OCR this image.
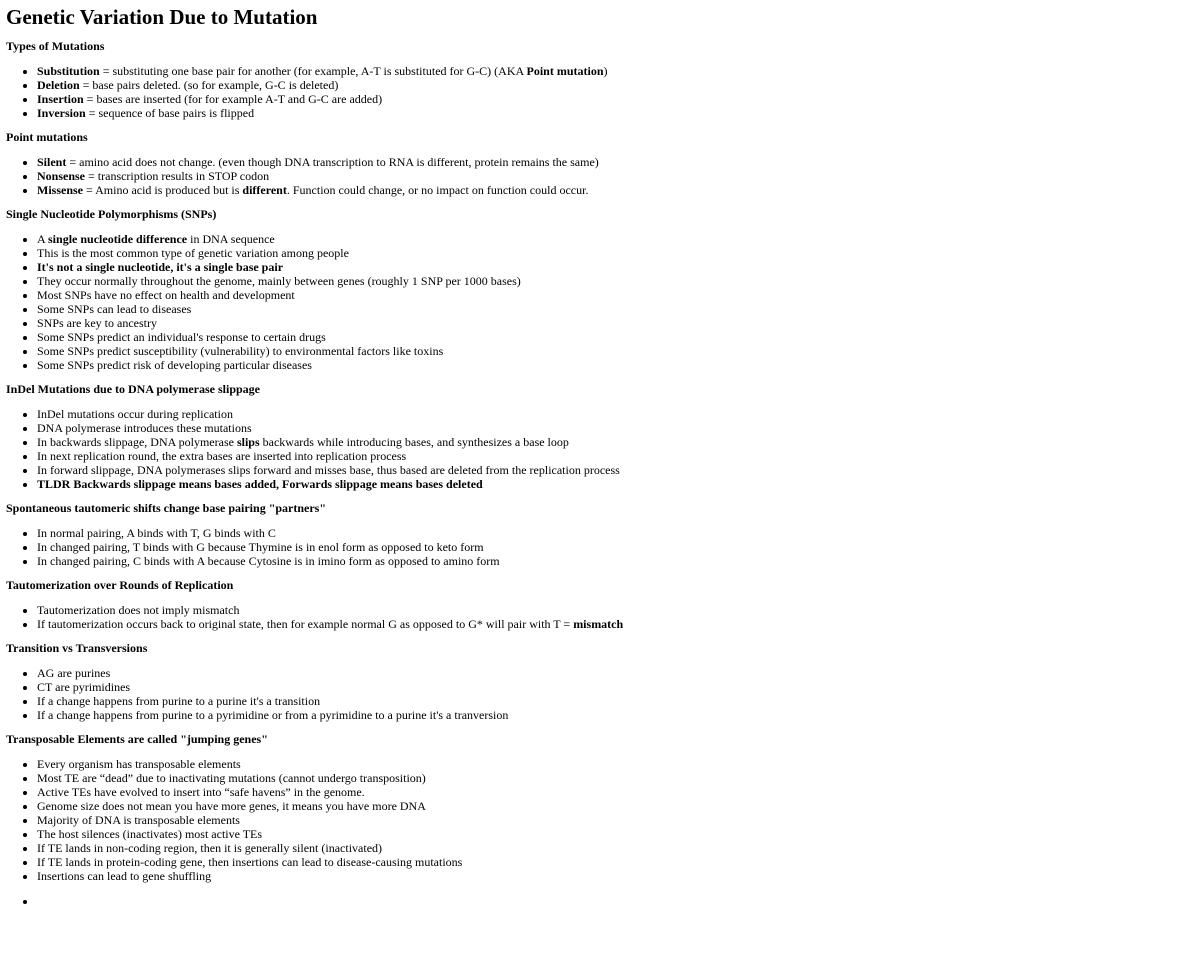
Genetic Variation Due to Mutation
Types of Mutations
• Substitution = substituting one base pair for another (for example, A-T is substituted for G-C) (AKA Point mutation)
• Deletion = base pairs deleted. (so for example, G-C is deleted)
• Insertion = bases are inserted (for for example A-T and G-C are added)
• Inversion = sequence of base pairs is flipped
Point mutations
• Silent = amino acid does not change. (even though DNA transcription to RNA is different, protein remains the same)
• Nonsense = transcription results in STOP codon
• Missense = Amino acid is produced but is different. Function could change, or no impact on function could occur.
Single Nucleotide Polymorphisms (SNPs)
• A single nucleotide difference in DNA sequence
• This is the most common type of genetic variation among people
• It's not a single nucleotide, it's a single base pair
• They occur normally throughout the genome, mainly between genes (roughly 1 SNP per 1000 bases)
• Most SNPs have no effect on health and development
• Some SNPs can lead to diseases
• SNPs are key to ancestry
• Some SNPs predict an individual's response to certain drugs
• Some SNPs predict susceptibility (vulnerability) to environmental factors like toxins
• Some SNPs predict risk of developing particular diseases
InDel Mutations due to DNA polymerase slippage
• InDel mutations occur during replication
• DNA polymerase introduces these mutations
• In backwards slippage, DNA polymerase slips backwards while introducing bases, and synthesizes a base loop
• In next replication round, the extra bases are inserted into replication process
• In forward slippage, DNA polymerases slips forward and misses base, thus based are deleted from the replication process
• TLDR Backwards slippage means bases added, Forwards slippage means bases deleted
Spontaneous tautomeric shifts change base pairing "partners"
• In normal pairing, A binds with T, G binds with C
• In changed pairing, T binds with G because Thymine is in enol form as opposed to keto form
• In changed pairing, C binds with A because Cytosine is in imino form as opposed to amino form
Tautomerization over Rounds of Replication
• Tautomerization does not imply mismatch
• If tautomerization occurs back to original state, then for example normal G as opposed to G* will pair with T = mismatch
Transition vs Transversions
• AG are purines
• CT are pyrimidines
• If a change happens from purine to a purine it's a transition
• If a change happens from purine to a pyrimidine or from a pyrimidine to a purine it's a tranversion
Transposable Elements are called "jumping genes"
• Every organism has transposable elements
• Most TE are “dead” due to inactivating mutations (cannot undergo transposition)
• Active TEs have evolved to insert into “safe havens” in the genome.
• Genome size does not mean you have more genes, it means you have more DNA
• Majority of DNA is transposable elements
• The host silences (inactivates) most active TEs
• If TE lands in non-coding region, then it is generally silent (inactivated)
• If TE lands in protein-coding gene, then insertions can lead to disease-causing mutations
• Insertions can lead to gene shuffling
•
